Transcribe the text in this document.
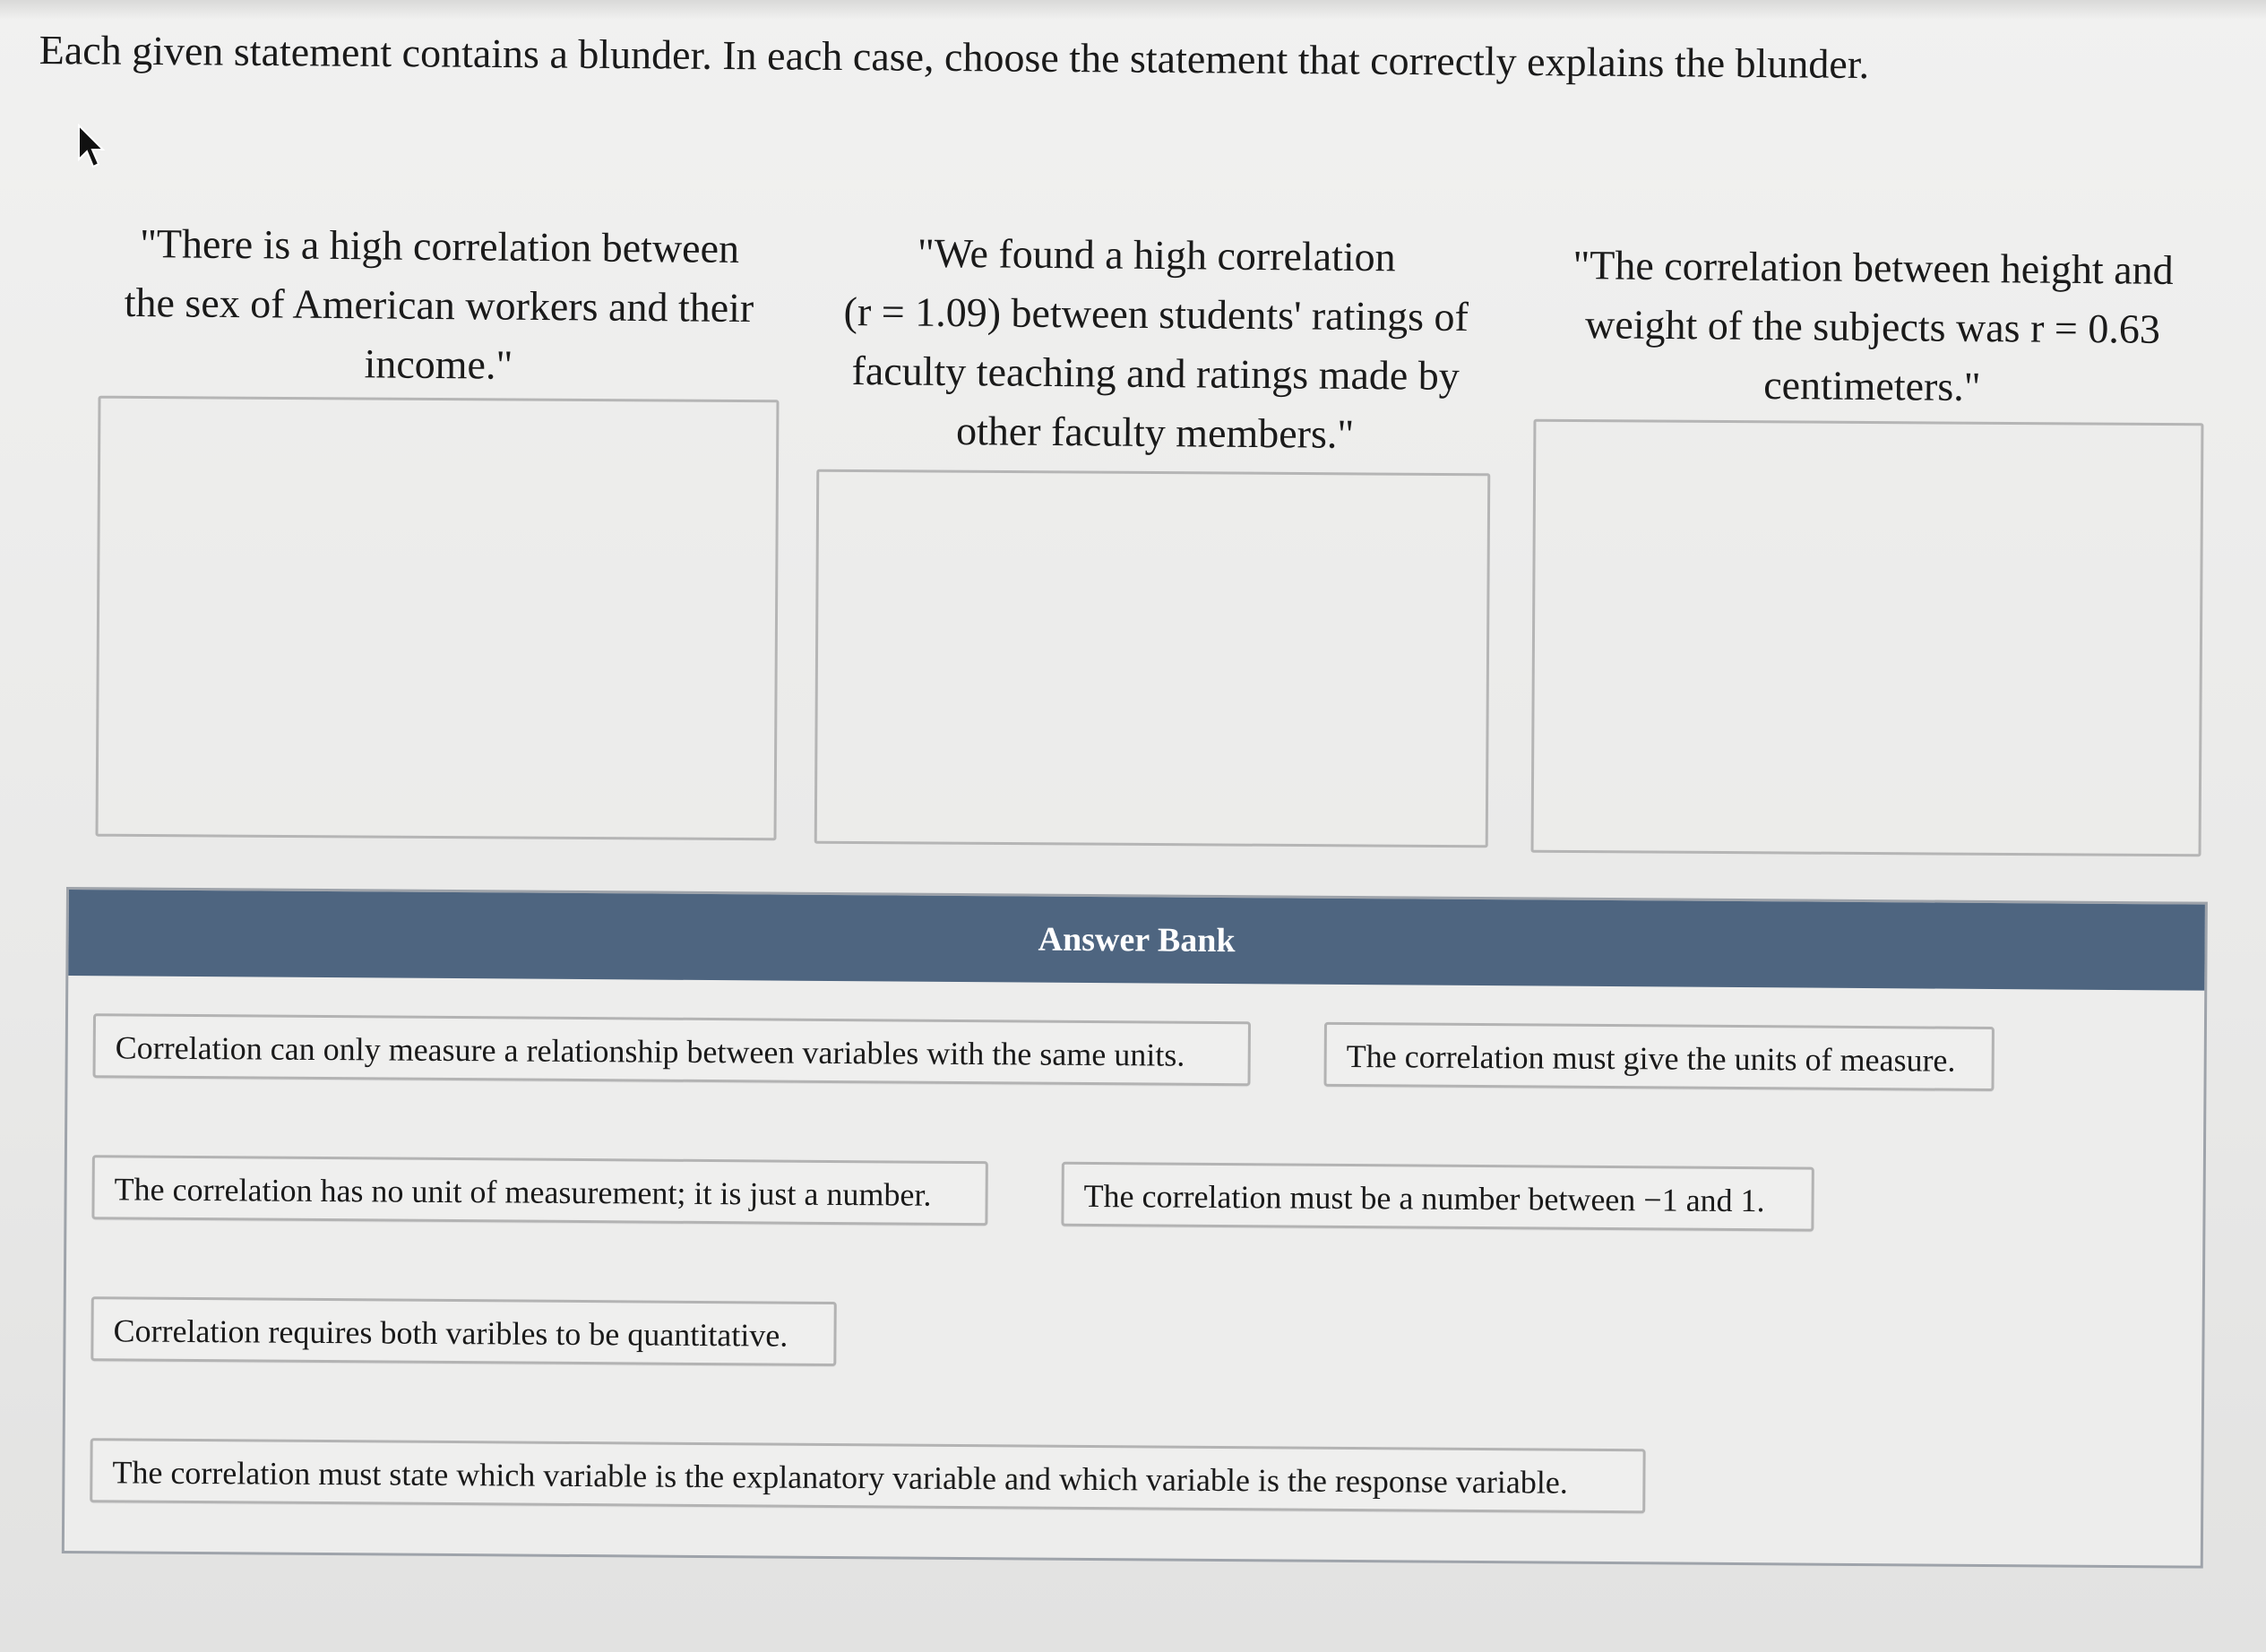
Each given statement contains a blunder. In each case, choose the statement that correctly explains the blunder.
"There is a high correlation between
the sex of American workers and their
income."
"We found a high correlation
(r = 1.09) between students' ratings of
faculty teaching and ratings made by
other faculty members."
"The correlation between height and
weight of the subjects was r = 0.63
centimeters."
Answer Bank
Correlation can only measure a relationship between variables with the same units.	The correlation must give the units of measure.
The correlation has no unit of measurement; it is just a number.	The correlation must be a number between −1 and 1.
Correlation requires both varibles to be quantitative.
The correlation must state which variable is the explanatory variable and which variable is the response variable.
